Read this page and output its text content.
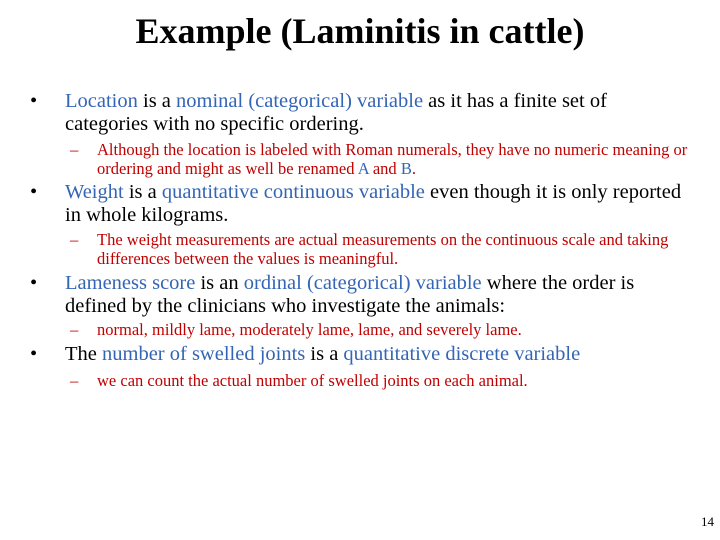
Example (Laminitis in cattle)
• Location is a nominal (categorical) variable as it has a finite set of categories with no specific ordering.
– Although the location is labeled with Roman numerals, they have no numeric meaning or ordering and might as well be renamed A and B.
• Weight is a quantitative continuous variable even though it is only reported in whole kilograms.
– The weight measurements are actual measurements on the continuous scale and taking differences between the values is meaningful.
• Lameness score is an ordinal (categorical) variable where the order is defined by the clinicians who investigate the animals:
– normal, mildly lame, moderately lame, lame, and severely lame.
• The number of swelled joints is a quantitative discrete variable
– we can count the actual number of swelled joints on each animal.
14
